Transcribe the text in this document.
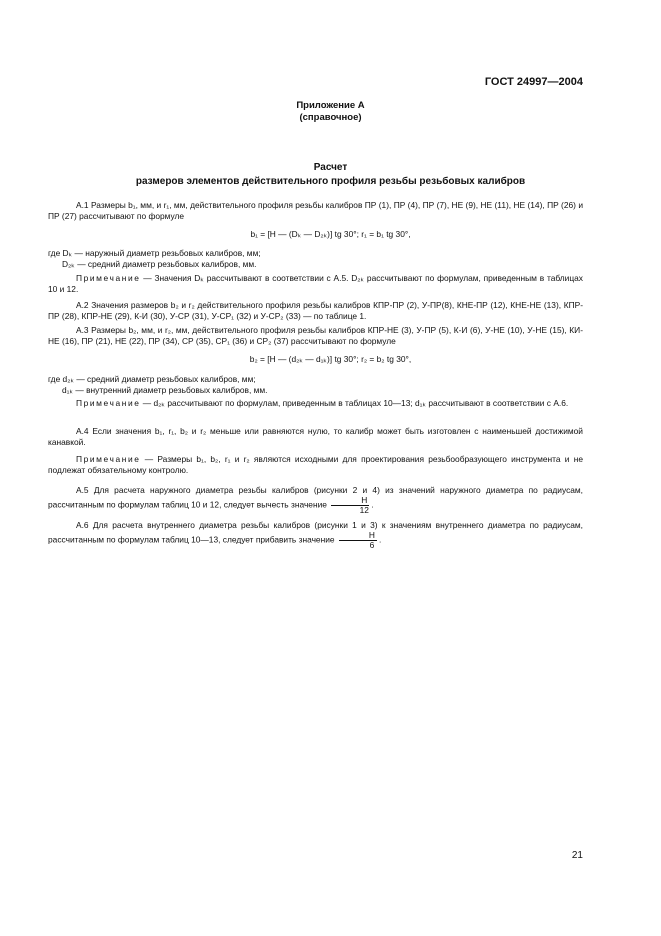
ГОСТ 24997—2004
Приложение А
(справочное)
Расчет
размеров элементов действительного профиля резьбы резьбовых калибров
А.1 Размеры b₁, мм, и r₁, мм, действительного профиля резьбы калибров ПР (1), ПР (4), ПР (7), НЕ (9), НЕ (11), НЕ (14), ПР (26) и ПР (27) рассчитывают по формуле
b₁ = [H — (Dₖ — D₂ₖ)] tg 30°; r₁ = b₁ tg 30°,
где Dₖ — наружный диаметр резьбовых калибров, мм;
D₂ₖ — средний диаметр резьбовых калибров, мм.
Примечание — Значения Dₖ рассчитывают в соответствии с А.5. D₂ₖ рассчитывают по формулам, приведенным в таблицах 10 и 12.
А.2 Значения размеров b₂ и r₂ действительного профиля резьбы калибров КПР-ПР (2), У-ПР(8), КНЕ-ПР (12), КНЕ-НЕ (13), КПР-ПР (28), КПР-НЕ (29), К-И (30), У-СР (31), У-СР₁ (32) и У-СР₂ (33) — по таблице 1.
А.3 Размеры b₂, мм, и r₂, мм, действительного профиля резьбы калибров КПР-НЕ (3), У-ПР (5), К-И (6), У-НЕ (10), У-НЕ (15), КИ-НЕ (16), ПР (21), НЕ (22), ПР (34), СР (35), СР₁ (36) и СР₂ (37) рассчитывают по формуле
b₂ = [H — (d₂ₖ — d₁ₖ)] tg 30°; r₂ = b₂ tg 30°,
где d₂ₖ — средний диаметр резьбовых калибров, мм;
d₁ₖ — внутренний диаметр резьбовых калибров, мм.
Примечание — d₂ₖ рассчитывают по формулам, приведенным в таблицах 10—13; d₁ₖ рассчитывают в соответствии с А.6.
А.4 Если значения b₁, r₁, b₂ и r₂ меньше или равняются нулю, то калибр может быть изготовлен с наименьшей достижимой канавкой.
Примечание — Размеры b₁, b₂, r₁ и r₂ являются исходными для проектирования резьбообразующего инструмента и не подлежат обязательному контролю.
А.5 Для расчета наружного диаметра резьбы калибров (рисунки 2 и 4) из значений наружного диаметра по радиусам, рассчитанным по формулам таблиц 10 и 12, следует вычесть значение $\frac{H}{12}$ .
А.6 Для расчета внутреннего диаметра резьбы калибров (рисунки 1 и 3) к значениям внутреннего диаметра по радиусам, рассчитанным по формулам таблиц 10—13, следует прибавить значение $\frac{H}{6}$ .
21
